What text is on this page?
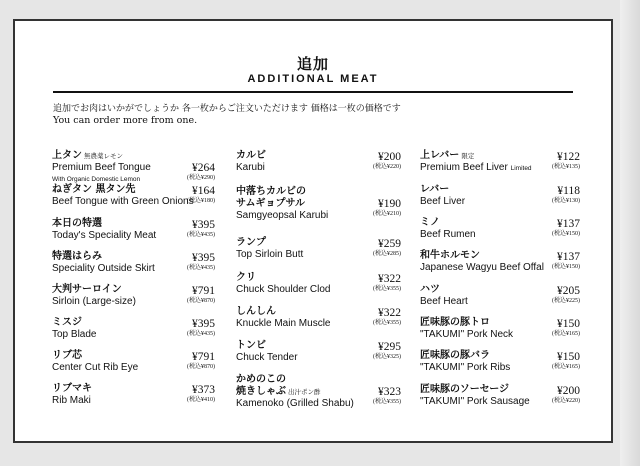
追加
ADDITIONAL MEAT
追加でお肉はいかがでしょうか 各一枚からご注文いただけます 価格は一枚の価格です
You can order more from one.
上タン 無農薬レモン
Premium Beef Tongue
With Organic Domestic Lemon
¥264
(税込¥290)
ねぎタン 黒タン先
Beef Tongue with Green Onions
¥164
(税込¥180)
本日の特選
Today's Speciality Meat
¥395
(税込¥435)
特選はらみ
Speciality Outside Skirt
¥395
(税込¥435)
大判サーロイン
Sirloin (Large-size)
¥791
(税込¥870)
ミスジ
Top Blade
¥395
(税込¥435)
リブ芯
Center Cut Rib Eye
¥791
(税込¥870)
リブマキ
Rib Maki
¥373
(税込¥410)
カルビ
Karubi
¥200
(税込¥220)
中落ちカルビの
サムギョプサル
Samgyeopsal Karubi
¥190
(税込¥210)
ランプ
Top Sirloin Butt
¥259
(税込¥285)
クリ
Chuck Shoulder Clod
¥322
(税込¥355)
しんしん
Knuckle Main Muscle
¥322
(税込¥355)
トンビ
Chuck Tender
¥295
(税込¥325)
かめのこの
焼きしゃぶ 出汁ポン酢
Kamenoko (Grilled Shabu)
¥323
(税込¥355)
上レバー 限定
Premium Beef Liver Limited
¥122
(税込¥135)
レバー
Beef Liver
¥118
(税込¥130)
ミノ
Beef Rumen
¥137
(税込¥150)
和牛ホルモン
Japanese Wagyu Beef Offal
¥137
(税込¥150)
ハツ
Beef Heart
¥205
(税込¥225)
匠味豚の豚トロ
"TAKUMI" Pork Neck
¥150
(税込¥165)
匠味豚の豚バラ
"TAKUMI" Pork Ribs
¥150
(税込¥165)
匠味豚のソーセージ
"TAKUMI" Pork Sausage
¥200
(税込¥220)
